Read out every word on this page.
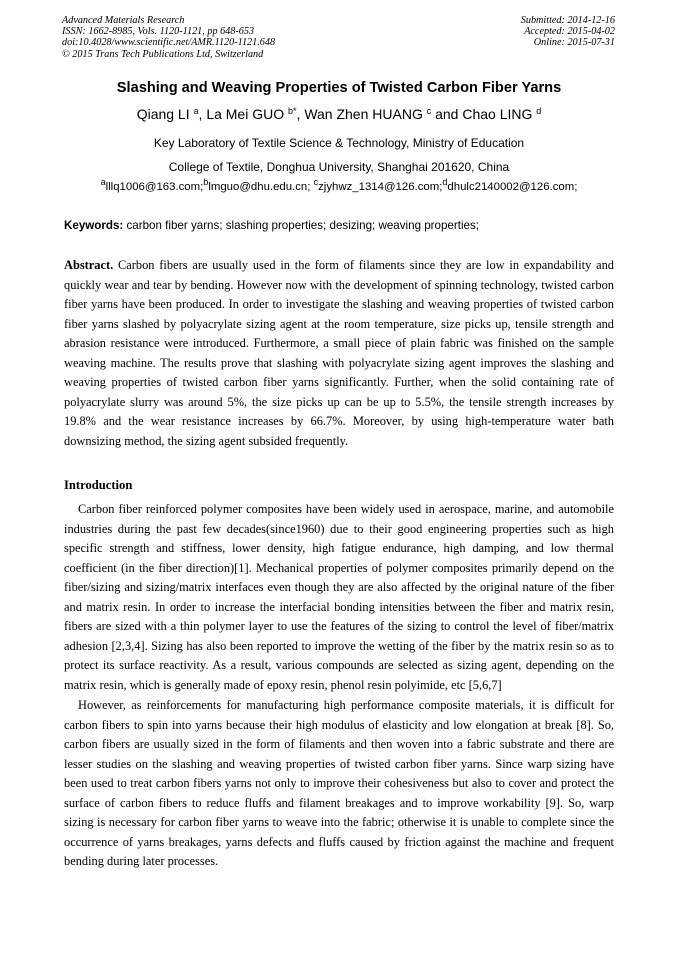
Advanced Materials Research
ISSN: 1662-8985, Vols. 1120-1121, pp 648-653
doi:10.4028/www.scientific.net/AMR.1120-1121.648
© 2015 Trans Tech Publications Ltd, Switzerland
Submitted: 2014-12-16
Accepted: 2015-04-02
Online: 2015-07-31
Slashing and Weaving Properties of Twisted Carbon Fiber Yarns
Qiang LI $^a$, La Mei GUO $^{b*}$, Wan Zhen HUANG $^c$ and Chao LING $^d$
Key Laboratory of Textile Science & Technology, Ministry of Education
College of Textile, Donghua University, Shanghai 201620, China
$^a$lllq1006@163.com;$^b$lmguo@dhu.edu.cn; $^c$zjyhwz_1314@126.com;$^d$dhulc2140002@126.com;
Keywords: carbon fiber yarns; slashing properties; desizing; weaving properties;
Abstract. Carbon fibers are usually used in the form of filaments since they are low in expandability and quickly wear and tear by bending. However now with the development of spinning technology, twisted carbon fiber yarns have been produced. In order to investigate the slashing and weaving properties of twisted carbon fiber yarns slashed by polyacrylate sizing agent at the room temperature, size picks up, tensile strength and abrasion resistance were introduced. Furthermore, a small piece of plain fabric was finished on the sample weaving machine. The results prove that slashing with polyacrylate sizing agent improves the slashing and weaving properties of twisted carbon fiber yarns significantly. Further, when the solid containing rate of polyacrylate slurry was around 5%, the size picks up can be up to 5.5%, the tensile strength increases by 19.8% and the wear resistance increases by 66.7%. Moreover, by using high-temperature water bath downsizing method, the sizing agent subsided frequently.
Introduction
Carbon fiber reinforced polymer composites have been widely used in aerospace, marine, and automobile industries during the past few decades(since1960) due to their good engineering properties such as high specific strength and stiffness, lower density, high fatigue endurance, high damping, and low thermal coefficient (in the fiber direction)[1]. Mechanical properties of polymer composites primarily depend on the fiber/sizing and sizing/matrix interfaces even though they are also affected by the original nature of the fiber and matrix resin. In order to increase the interfacial bonding intensities between the fiber and matrix resin, fibers are sized with a thin polymer layer to use the features of the sizing to control the level of fiber/matrix adhesion [2,3,4]. Sizing has also been reported to improve the wetting of the fiber by the matrix resin so as to protect its surface reactivity. As a result, various compounds are selected as sizing agent, depending on the matrix resin, which is generally made of epoxy resin, phenol resin polyimide, etc [5,6,7]
However, as reinforcements for manufacturing high performance composite materials, it is difficult for carbon fibers to spin into yarns because their high modulus of elasticity and low elongation at break [8]. So, carbon fibers are usually sized in the form of filaments and then woven into a fabric substrate and there are lesser studies on the slashing and weaving properties of twisted carbon fiber yarns. Since warp sizing have been used to treat carbon fibers yarns not only to improve their cohesiveness but also to cover and protect the surface of carbon fibers to reduce fluffs and filament breakages and to improve workability [9]. So, warp sizing is necessary for carbon fiber yarns to weave into the fabric; otherwise it is unable to complete since the occurrence of yarns breakages, yarns defects and fluffs caused by friction against the machine and frequent bending during later processes.
